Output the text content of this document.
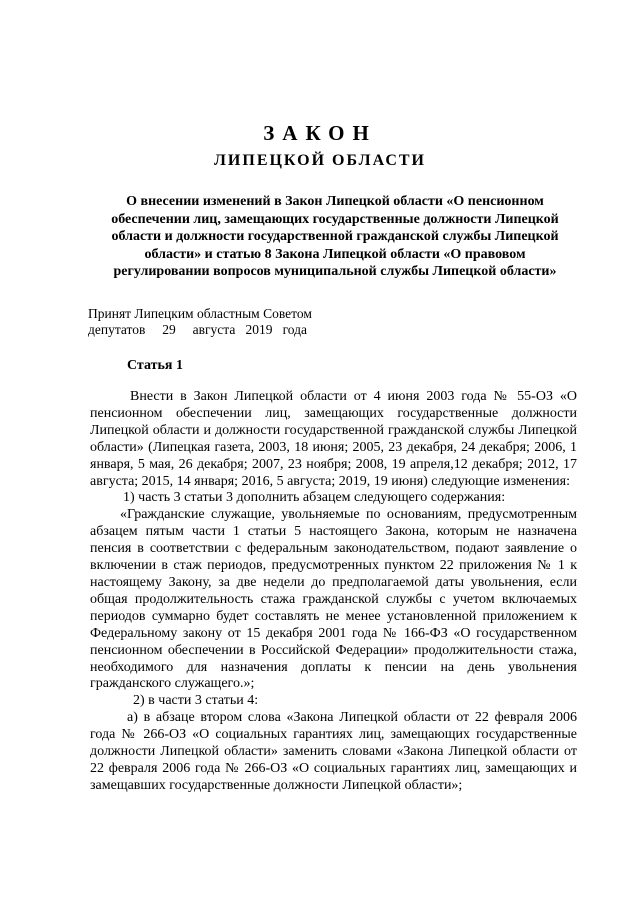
ЗАКОН
ЛИПЕЦКОЙ ОБЛАСТИ
О внесении изменений в Закон Липецкой области «О пенсионном обеспечении лиц, замещающих государственные должности Липецкой области и должности государственной гражданской службы Липецкой области» и статью 8 Закона Липецкой области «О правовом регулировании вопросов муниципальной службы Липецкой области»

Принят Липецким областным Советом

депутатов     29     августа   2019   года

Статья 1

Внести в Закон Липецкой области от 4 июня 2003 года № 55-ОЗ «О пенсионном обеспечении лиц, замещающих государственные должности Липецкой области и должности государственной гражданской службы Липецкой области» (Липецкая газета, 2003, 18 июня; 2005, 23 декабря, 24 декабря; 2006, 1 января, 5 мая, 26 декабря; 2007, 23 ноября; 2008, 19 апреля,12 декабря; 2012, 17 августа; 2015, 14 января; 2016, 5 августа; 2019, 19 июня) следующие изменения:

1) часть 3 статьи 3 дополнить абзацем следующего содержания:

«Гражданские служащие, увольняемые по основаниям, предусмотренным абзацем пятым части 1 статьи 5 настоящего Закона, которым не назначена пенсия в соответствии с федеральным законодательством, подают заявление о включении в стаж периодов, предусмотренных пунктом 22 приложения № 1 к настоящему Закону, за две недели до предполагаемой даты увольнения, если общая продолжительность стажа гражданской службы с учетом включаемых периодов суммарно будет составлять не менее установленной приложением к Федеральному закону от 15 декабря 2001 года № 166-ФЗ «О государственном пенсионном обеспечении в Российской Федерации» продолжительности стажа, необходимого для назначения доплаты к пенсии на день увольнения гражданского служащего.»;

2) в части 3 статьи 4:

а) в абзаце втором слова «Закона Липецкой области от 22 февраля 2006 года № 266-ОЗ «О социальных гарантиях лиц, замещающих государственные должности Липецкой области» заменить словами «Закона Липецкой области от 22 февраля 2006 года № 266-ОЗ «О социальных гарантиях лиц, замещающих и замещавших государственные должности Липецкой области»;
